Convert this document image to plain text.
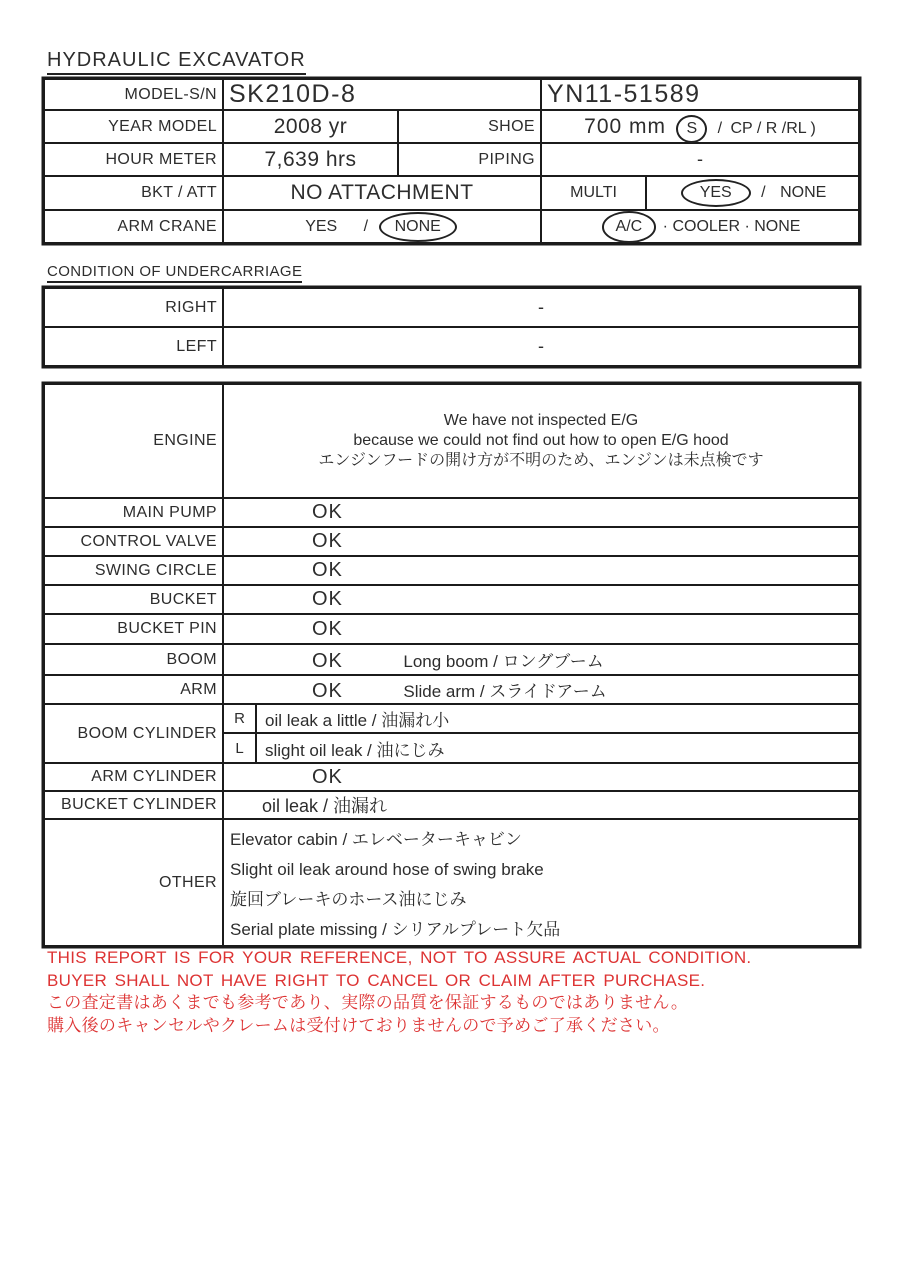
HYDRAULIC EXCAVATOR
MODEL-S/N	SK210D-8		YN11-51589	
YEAR MODEL	2008 yr	SHOE	700 mm S / CP / R /RL )	
HOUR METER	7,639 hrs	PIPING	-	
BKT / ATT	NO ATTACHMENT		MULTI	YES / NONE
ARM CRANE	YES / NONE		A/C · COOLER · NONE	
CONDITION OF UNDERCARRIAGE
RIGHT	-
LEFT	-
ENGINE	We have not inspected E/G
because we could not find out how to open E/G hood
エンジンフードの開け方が不明のため、エンジンは未点検です	

MAIN PUMP	OK	
CONTROL VALVE	OK	
SWING CIRCLE	OK	
BUCKET	OK	
BUCKET PIN	OK	
BOOM	OK Long boom / ロングブーム	
ARM	OK Slide arm / スライドアーム	
BOOM CYLINDER	R	oil leak a little / 油漏れ小
	L	slight oil leak / 油にじみ
ARM CYLINDER	OK	
BUCKET CYLINDER	oil leak / 油漏れ	
OTHER	Elevator cabin / エレベーターキャビン
Slight oil leak around hose of swing brake
旋回ブレーキのホース油にじみ
Serial plate missing / シリアルプレート欠品	
THIS REPORT IS FOR YOUR REFERENCE, NOT TO ASSURE ACTUAL CONDITION.
BUYER SHALL NOT HAVE RIGHT TO CANCEL OR CLAIM AFTER PURCHASE.
この査定書はあくまでも参考であり、実際の品質を保証するものではありません。
購入後のキャンセルやクレームは受付けておりませんので予めご了承ください。
